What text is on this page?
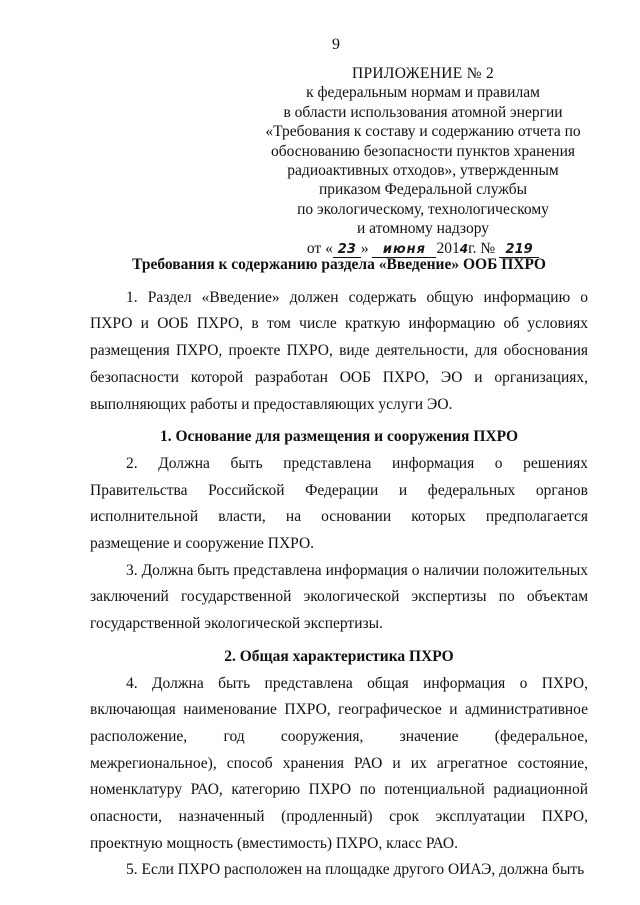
9
ПРИЛОЖЕНИЕ № 2
к федеральным нормам и правилам
в области использования атомной энергии
«Требования к составу и содержанию отчета по
обоснованию безопасности пунктов хранения
радиоактивных отходов», утвержденным
приказом Федеральной службы
по экологическому, технологическому
и атомному надзору
от « 23 » июня 2014г. № 219

Требования к содержанию раздела «Введение» ООБ ПХРО

1. Раздел «Введение» должен содержать общую информацию о ПХРО и ООБ ПХРО, в том числе краткую информацию об условиях размещения ПХРО, проекте ПХРО, виде деятельности, для обоснования безопасности которой разработан ООБ ПХРО, ЭО и организациях, выполняющих работы и предоставляющих услуги ЭО.

1. Основание для размещения и сооружения ПХРО

2. Должна быть представлена информация о решениях Правительства Российской Федерации и федеральных органов исполнительной власти, на основании которых предполагается размещение и сооружение ПХРО.

3. Должна быть представлена информация о наличии положительных заключений государственной экологической экспертизы по объектам государственной экологической экспертизы.

2. Общая характеристика ПХРО

4. Должна быть представлена общая информация о ПХРО, включающая наименование ПХРО, географическое и административное расположение, год сооружения, значение (федеральное, межрегиональное), способ хранения РАО и их агрегатное состояние, номенклатуру РАО, категорию ПХРО по потенциальной радиационной опасности, назначенный (продленный) срок эксплуатации ПХРО, проектную мощность (вместимость) ПХРО, класс РАО.

5. Если ПХРО расположен на площадке другого ОИАЭ, должна быть
